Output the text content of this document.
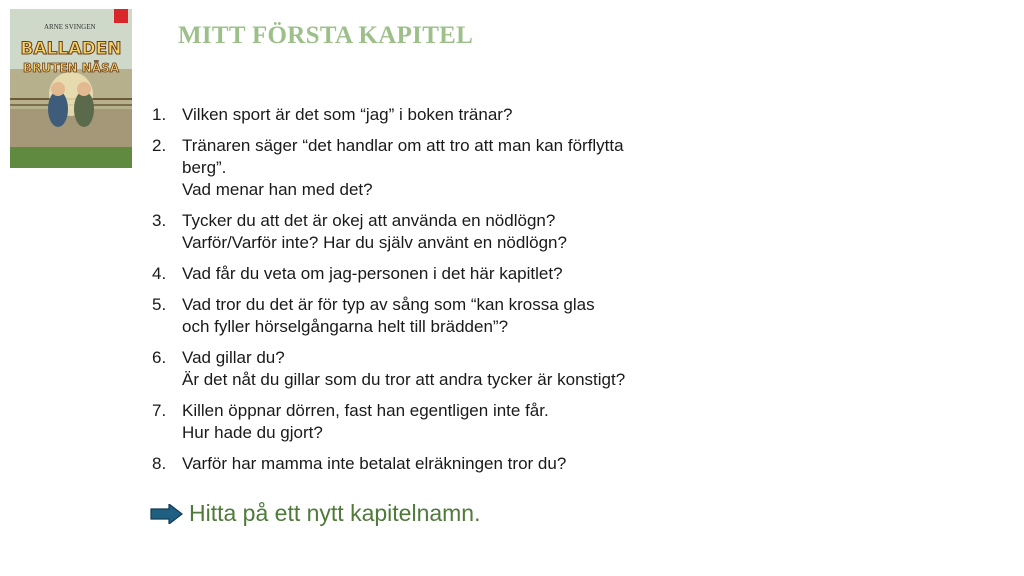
ARNE SVINGEN
BALLADEN
BRUTEN NÄSA
MITT FÖRSTA KAPITEL
1. Vilken sport är det som “jag” i boken tränar?
2. Tränaren säger “det handlar om att tro att man kan förflytta
berg”.
Vad menar han med det?
3. Tycker du att det är okej att använda en nödlögn?
Varför/Varför inte? Har du själv använt en nödlögn?
4. Vad får du veta om jag-personen i det här kapitlet?
5. Vad tror du det är för typ av sång som “kan krossa glas
och fyller hörselgångarna helt till brädden”?
6. Vad gillar du?
Är det nåt du gillar som du tror att andra tycker är konstigt?
7. Killen öppnar dörren, fast han egentligen inte får.
Hur hade du gjort?
8. Varför har mamma inte betalat elräkningen tror du?
Hitta på ett nytt kapitelnamn.
